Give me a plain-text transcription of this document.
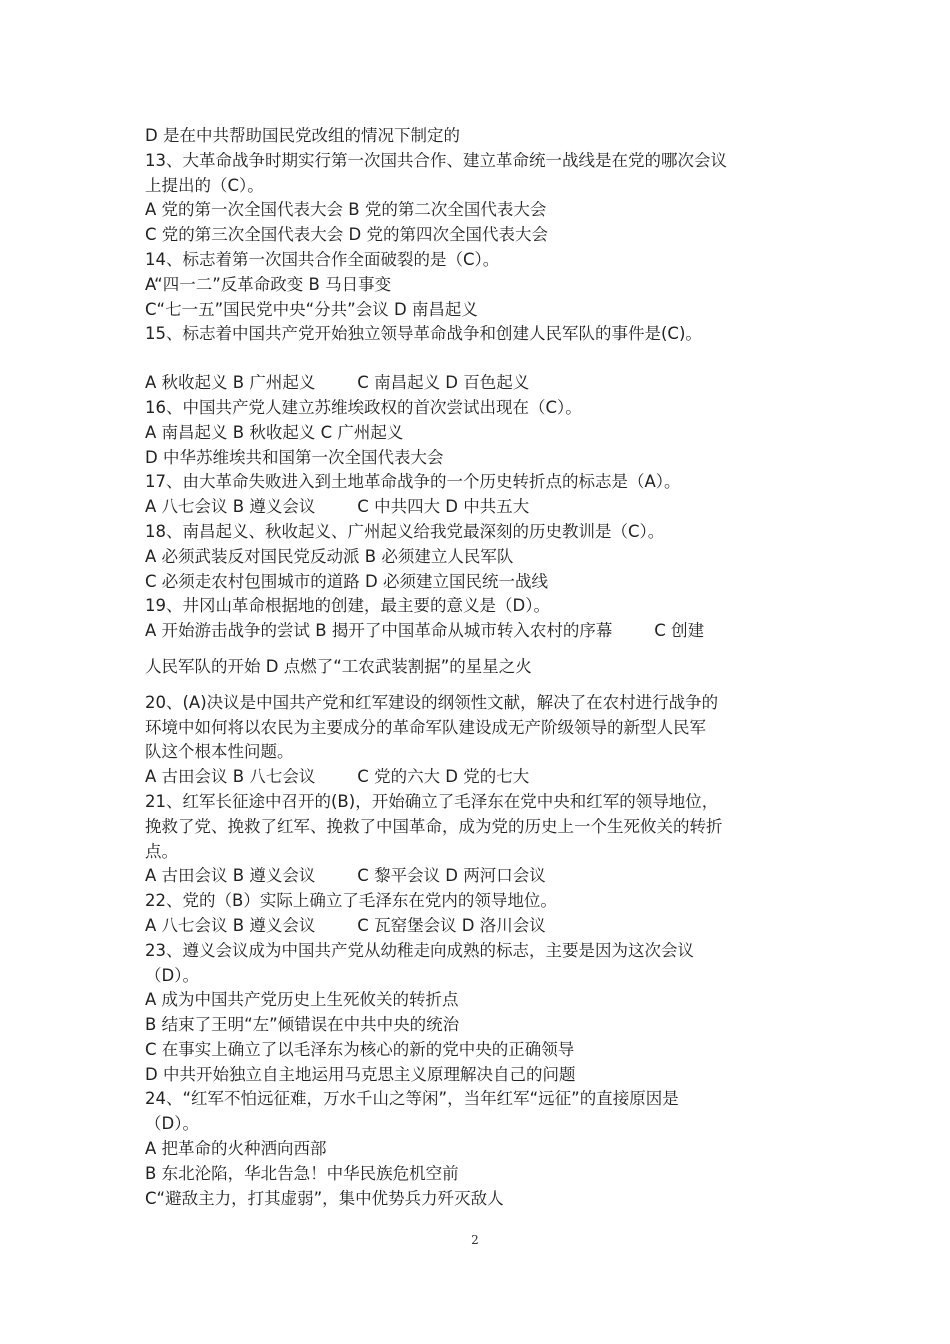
D 是在中共帮助国民党改组的情况下制定的
13、大革命战争时期实行第一次国共合作、建立革命统一战线是在党的哪次会议
上提出的（C）。
A 党的第一次全国代表大会 B 党的第二次全国代表大会
C 党的第三次全国代表大会 D 党的第四次全国代表大会
14、标志着第一次国共合作全面破裂的是（C）。
A“四一二”反革命政变 B 马日事变
C“七一五”国民党中央“分共”会议 D 南昌起义
15、标志着中国共产党开始独立领导革命战争和创建人民军队的事件是(C)。
A 秋收起义 B 广州起义        C 南昌起义 D 百色起义
16、中国共产党人建立苏维埃政权的首次尝试出现在（C）。
A 南昌起义 B 秋收起义 C 广州起义
D 中华苏维埃共和国第一次全国代表大会
17、由大革命失败进入到土地革命战争的一个历史转折点的标志是（A）。
A 八七会议 B 遵义会议        C 中共四大 D 中共五大
18、南昌起义、秋收起义、广州起义给我党最深刻的历史教训是（C）。
A 必须武装反对国民党反动派 B 必须建立人民军队
C 必须走农村包围城市的道路 D 必须建立国民统一战线
19、井冈山革命根据地的创建，最主要的意义是（D）。
A 开始游击战争的尝试 B 揭开了中国革命从城市转入农村的序幕        C 创建
人民军队的开始 D 点燃了“工农武装割据”的星星之火
20、(A)决议是中国共产党和红军建设的纲领性文献，解决了在农村进行战争的
环境中如何将以农民为主要成分的革命军队建设成无产阶级领导的新型人民军
队这个根本性问题。
A 古田会议 B 八七会议        C 党的六大 D 党的七大
21、红军长征途中召开的(B)，开始确立了毛泽东在党中央和红军的领导地位，
挽救了党、挽救了红军、挽救了中国革命，成为党的历史上一个生死攸关的转折
点。
A 古田会议 B 遵义会议        C 黎平会议 D 两河口会议
22、党的（B）实际上确立了毛泽东在党内的领导地位。
A 八七会议 B 遵义会议        C 瓦窑堡会议 D 洛川会议
23、遵义会议成为中国共产党从幼稚走向成熟的标志，主要是因为这次会议
（D）。
A 成为中国共产党历史上生死攸关的转折点
B 结束了王明“左”倾错误在中共中央的统治
C 在事实上确立了以毛泽东为核心的新的党中央的正确领导
D 中共开始独立自主地运用马克思主义原理解决自己的问题
24、“红军不怕远征难，万水千山之等闲”，当年红军“远征”的直接原因是
（D）。
A 把革命的火种洒向西部
B 东北沦陷，华北告急！中华民族危机空前
C“避敌主力，打其虚弱”，集中优势兵力歼灭敌人
2
